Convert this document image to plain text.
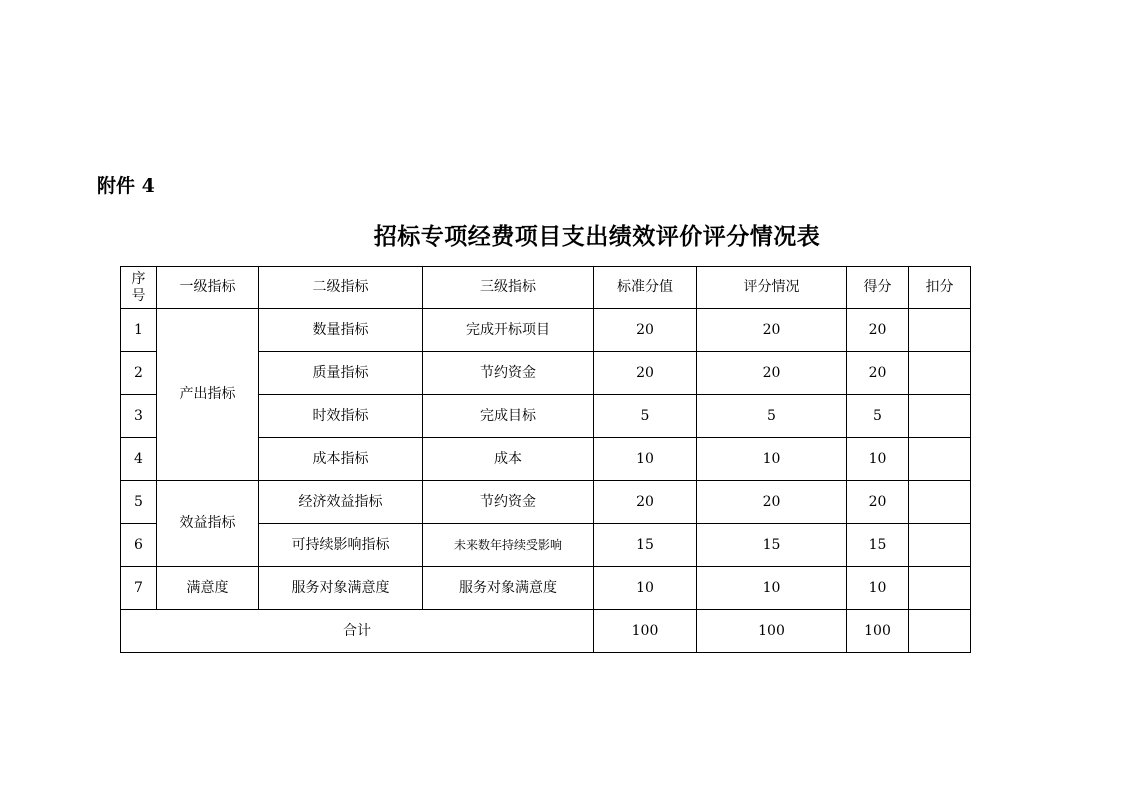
附件 4
招标专项经费项目支出绩效评价评分情况表
序
号	一级指标	二级指标	三级指标	标准分值	评分情况	得分	扣分
1	产出指标	数量指标	完成开标项目	20	20	20	
2		质量指标	节约资金	20	20	20	
3		时效指标	完成目标	5	5	5	
4		成本指标	成本	10	10	10	
5	效益指标	经济效益指标	节约资金	20	20	20	
6		可持续影响指标	未来数年持续受影响	15	15	15	
7	满意度	服务对象满意度	服务对象满意度	10	10	10	
合计				100	100	100	
